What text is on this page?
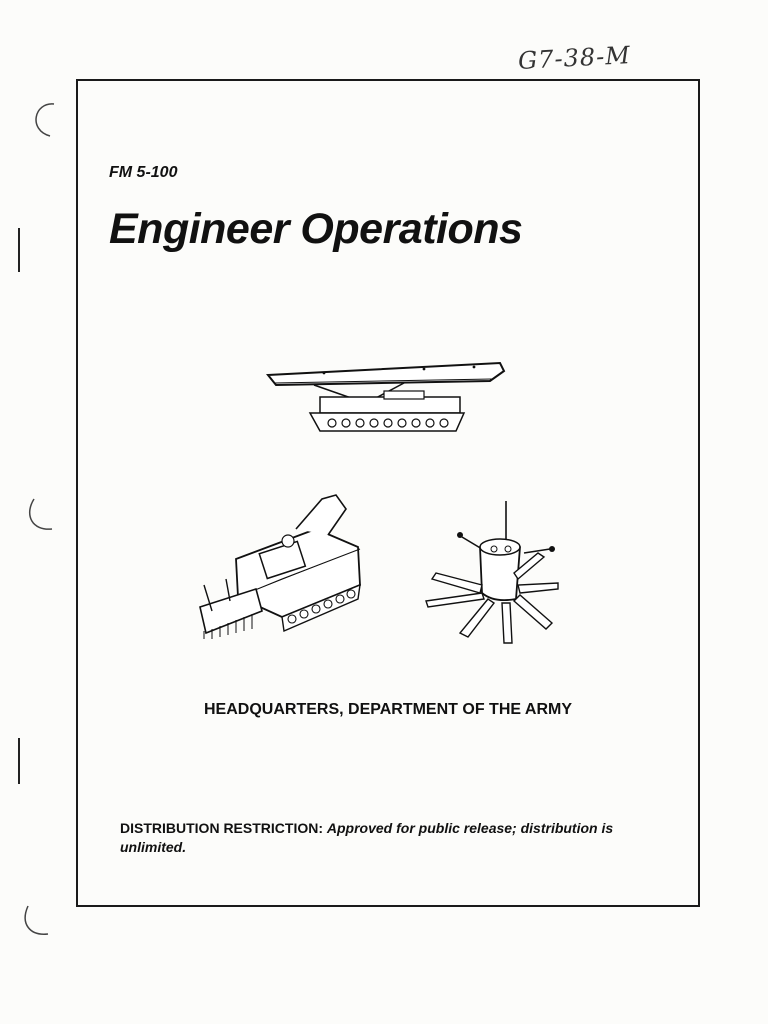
G7-38-M
FM 5-100
Engineer Operations
HEADQUARTERS, DEPARTMENT OF THE ARMY
DISTRIBUTION RESTRICTION: Approved for public release; distribution is unlimited.
